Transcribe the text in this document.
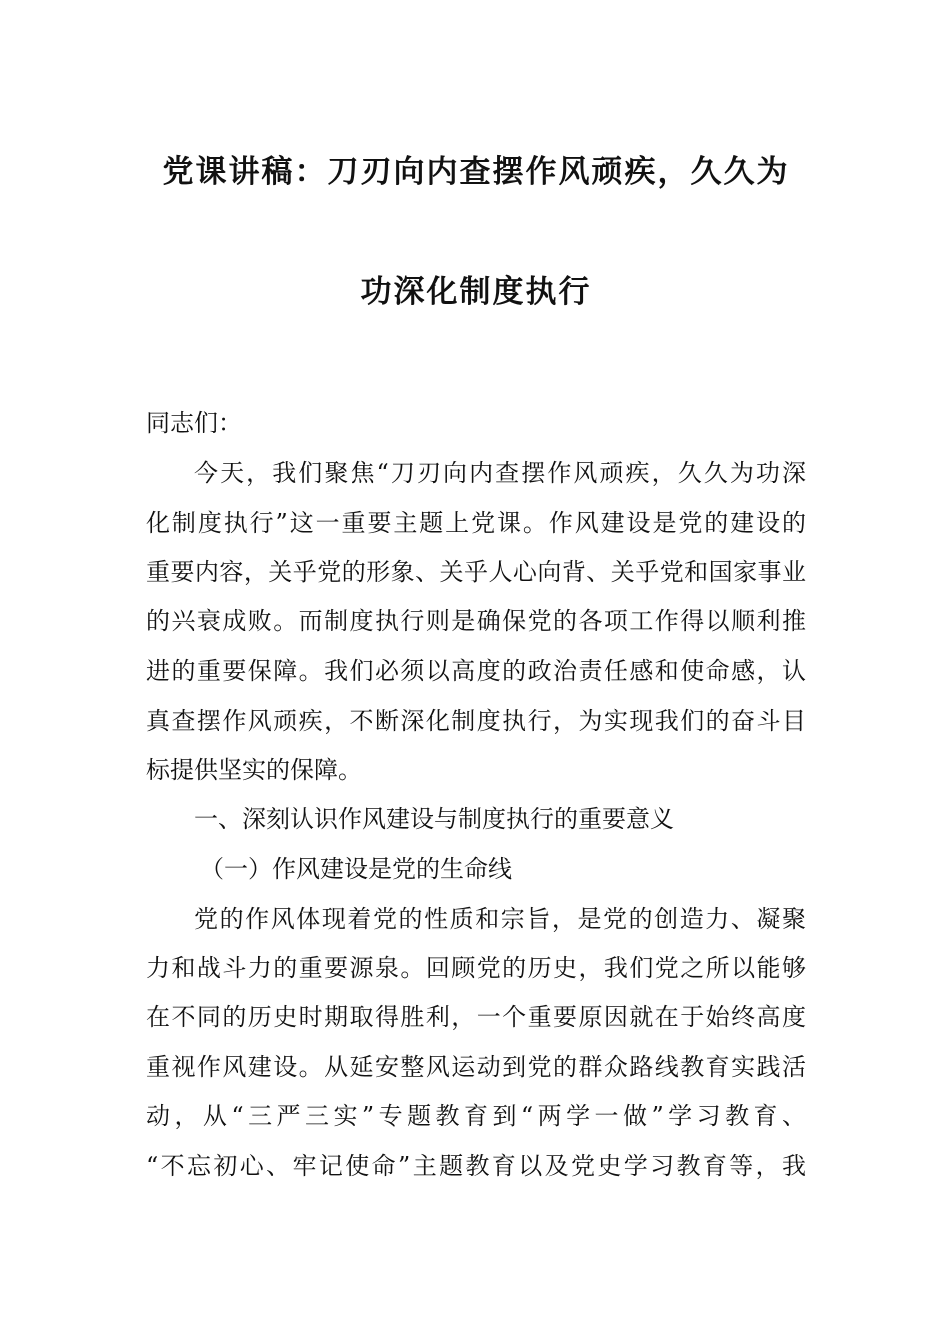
党课讲稿：刀刃向内查摆作风顽疾，久久为
功深化制度执行
同志们：
今天，我们聚焦“刀刃向内查摆作风顽疾，久久为功深
化制度执行”这一重要主题上党课。作风建设是党的建设的
重要内容，关乎党的形象、关乎人心向背、关乎党和国家事业
的兴衰成败。而制度执行则是确保党的各项工作得以顺利推
进的重要保障。我们必须以高度的政治责任感和使命感，认
真查摆作风顽疾，不断深化制度执行，为实现我们的奋斗目
标提供坚实的保障。
一、深刻认识作风建设与制度执行的重要意义
（一）作风建设是党的生命线
党的作风体现着党的性质和宗旨，是党的创造力、凝聚
力和战斗力的重要源泉。回顾党的历史，我们党之所以能够
在不同的历史时期取得胜利，一个重要原因就在于始终高度
重视作风建设。从延安整风运动到党的群众路线教育实践活
动，从“三严三实”专题教育到“两学一做”学习教育、
“不忘初心、牢记使命”主题教育以及党史学习教育等，我
